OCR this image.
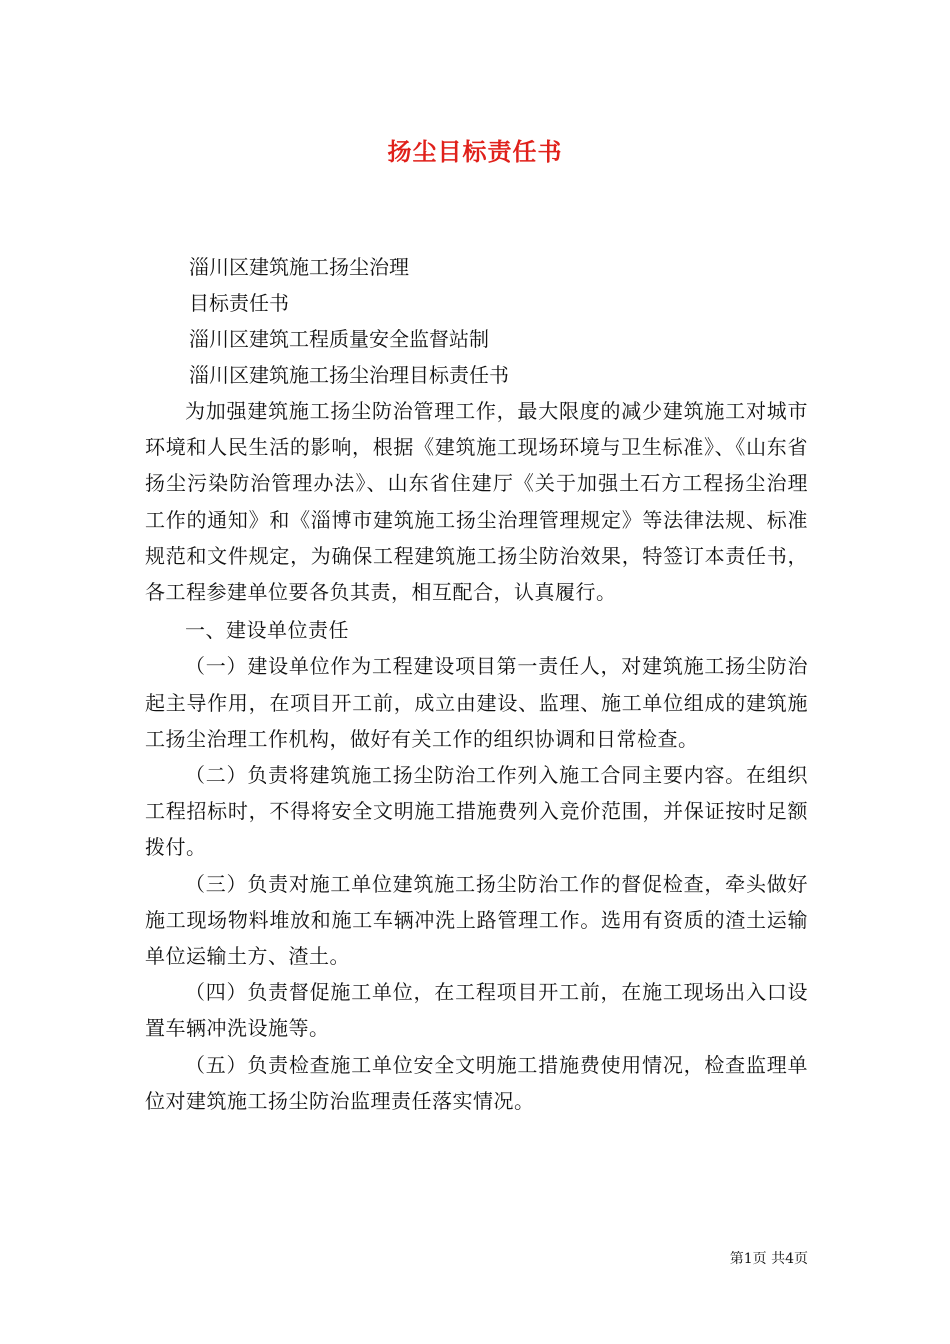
扬尘目标责任书

淄川区建筑施工扬尘治理

目标责任书

淄川区建筑工程质量安全监督站制

淄川区建筑施工扬尘治理目标责任书

为加强建筑施工扬尘防治管理工作，最大限度的减少建筑施工对城市环境和人民生活的影响，根据《建筑施工现场环境与卫生标准》、《山东省扬尘污染防治管理办法》、山东省住建厅《关于加强土石方工程扬尘治理工作的通知》和《淄博市建筑施工扬尘治理管理规定》等法律法规、标准规范和文件规定，为确保工程建筑施工扬尘防治效果，特签订本责任书，各工程参建单位要各负其责，相互配合，认真履行。

一、建设单位责任

（一）建设单位作为工程建设项目第一责任人，对建筑施工扬尘防治起主导作用，在项目开工前，成立由建设、监理、施工单位组成的建筑施工扬尘治理工作机构，做好有关工作的组织协调和日常检查。

（二）负责将建筑施工扬尘防治工作列入施工合同主要内容。在组织工程招标时，不得将安全文明施工措施费列入竞价范围，并保证按时足额拨付。

（三）负责对施工单位建筑施工扬尘防治工作的督促检查，牵头做好施工现场物料堆放和施工车辆冲洗上路管理工作。选用有资质的渣土运输单位运输土方、渣土。

（四）负责督促施工单位，在工程项目开工前，在施工现场出入口设置车辆冲洗设施等。

（五）负责检查施工单位安全文明施工措施费使用情况，检查监理单位对建筑施工扬尘防治监理责任落实情况。

第1页 共4页
